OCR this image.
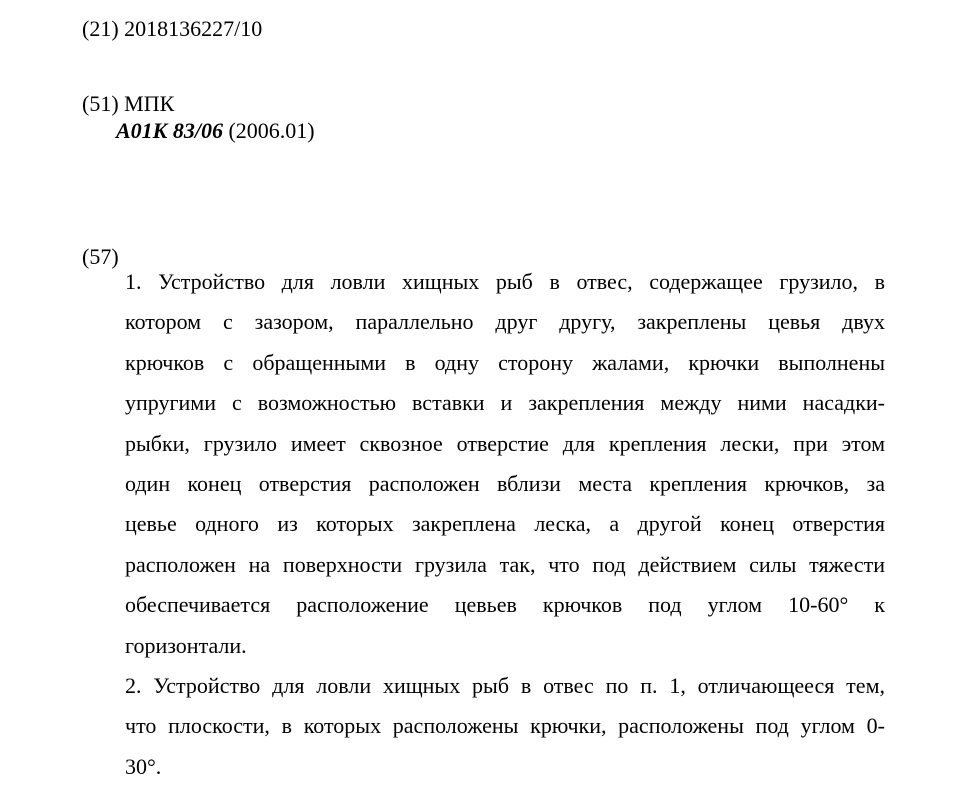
(21) 2018136227/10
(51) МПК
A01K 83/06 (2006.01)
(57)
1. Устройство для ловли хищных рыб в отвес, содержащее грузило, в
котором с зазором, параллельно друг другу, закреплены цевья двух
крючков с обращенными в одну сторону жалами, крючки выполнены
упругими с возможностью вставки и закрепления между ними насадки-
рыбки, грузило имеет сквозное отверстие для крепления лески, при этом
один конец отверстия расположен вблизи места крепления крючков, за
цевье одного из которых закреплена леска, а другой конец отверстия
расположен на поверхности грузила так, что под действием силы тяжести
обеспечивается расположение цевьев крючков под углом 10-60° к
горизонтали.
2. Устройство для ловли хищных рыб в отвес по п. 1, отличающееся тем,
что плоскости, в которых расположены крючки, расположены под углом 0-
30°.
